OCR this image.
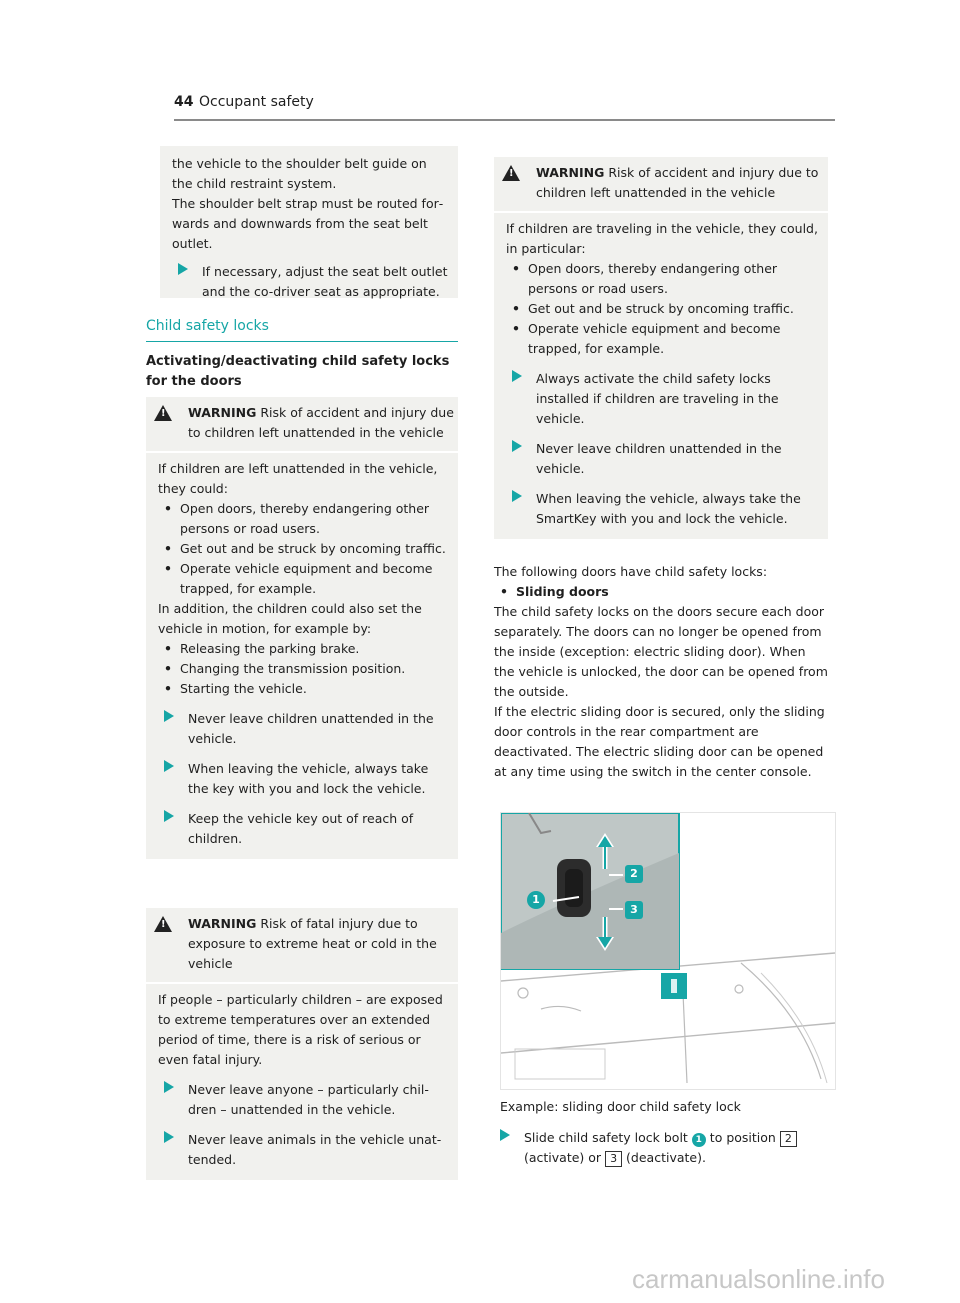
44 Occupant safety

the vehicle to the shoulder belt guide on the child restraint system.

The shoulder belt strap must be routed forwards and downwards from the seat belt outlet.

If necessary, adjust the seat belt outlet and the co-driver seat as appropriate.
Child safety locks
Activating/deactivating child safety locks for the doors
!
WARNING Risk of accident and injury due to children left unattended in the vehicle

If children are left unattended in the vehicle, they could:

• Open doors, thereby endangering other persons or road users.
• Get out and be struck by oncoming traffic.
• Operate vehicle equipment and become trapped, for example.

In addition, the children could also set the vehicle in motion, for example by:

• Releasing the parking brake.
• Changing the transmission position.
• Starting the vehicle.
Never leave children unattended in the vehicle.
When leaving the vehicle, always take the key with you and lock the vehicle.
Keep the vehicle key out of reach of children.
!
WARNING Risk of fatal injury due to exposure to extreme heat or cold in the vehicle

If people – particularly children – are exposed to extreme temperatures over an extended period of time, there is a risk of serious or even fatal injury.

Never leave anyone – particularly children – unattended in the vehicle.
Never leave animals in the vehicle unattended.
!
WARNING Risk of accident and injury due to children left unattended in the vehicle

If children are traveling in the vehicle, they could, in particular:

• Open doors, thereby endangering other persons or road users.
• Get out and be struck by oncoming traffic.
• Operate vehicle equipment and become trapped, for example.
Always activate the child safety locks installed if children are traveling in the vehicle.
Never leave children unattended in the vehicle.
When leaving the vehicle, always take the SmartKey with you and lock the vehicle.

The following doors have child safety locks:

• Sliding doors

The child safety locks on the doors secure each door separately. The doors can no longer be opened from the inside (exception: electric sliding door). When the vehicle is unlocked, the door can be opened from the outside.

If the electric sliding door is secured, only the sliding door controls in the rear compartment are deactivated. The electric sliding door can be opened at any time using the switch in the center console.

1
2
3
Example: sliding door child safety lock
Slide child safety lock bolt 1 to position 2 (activate) or 3 (deactivate).
carmanualsonline.info
